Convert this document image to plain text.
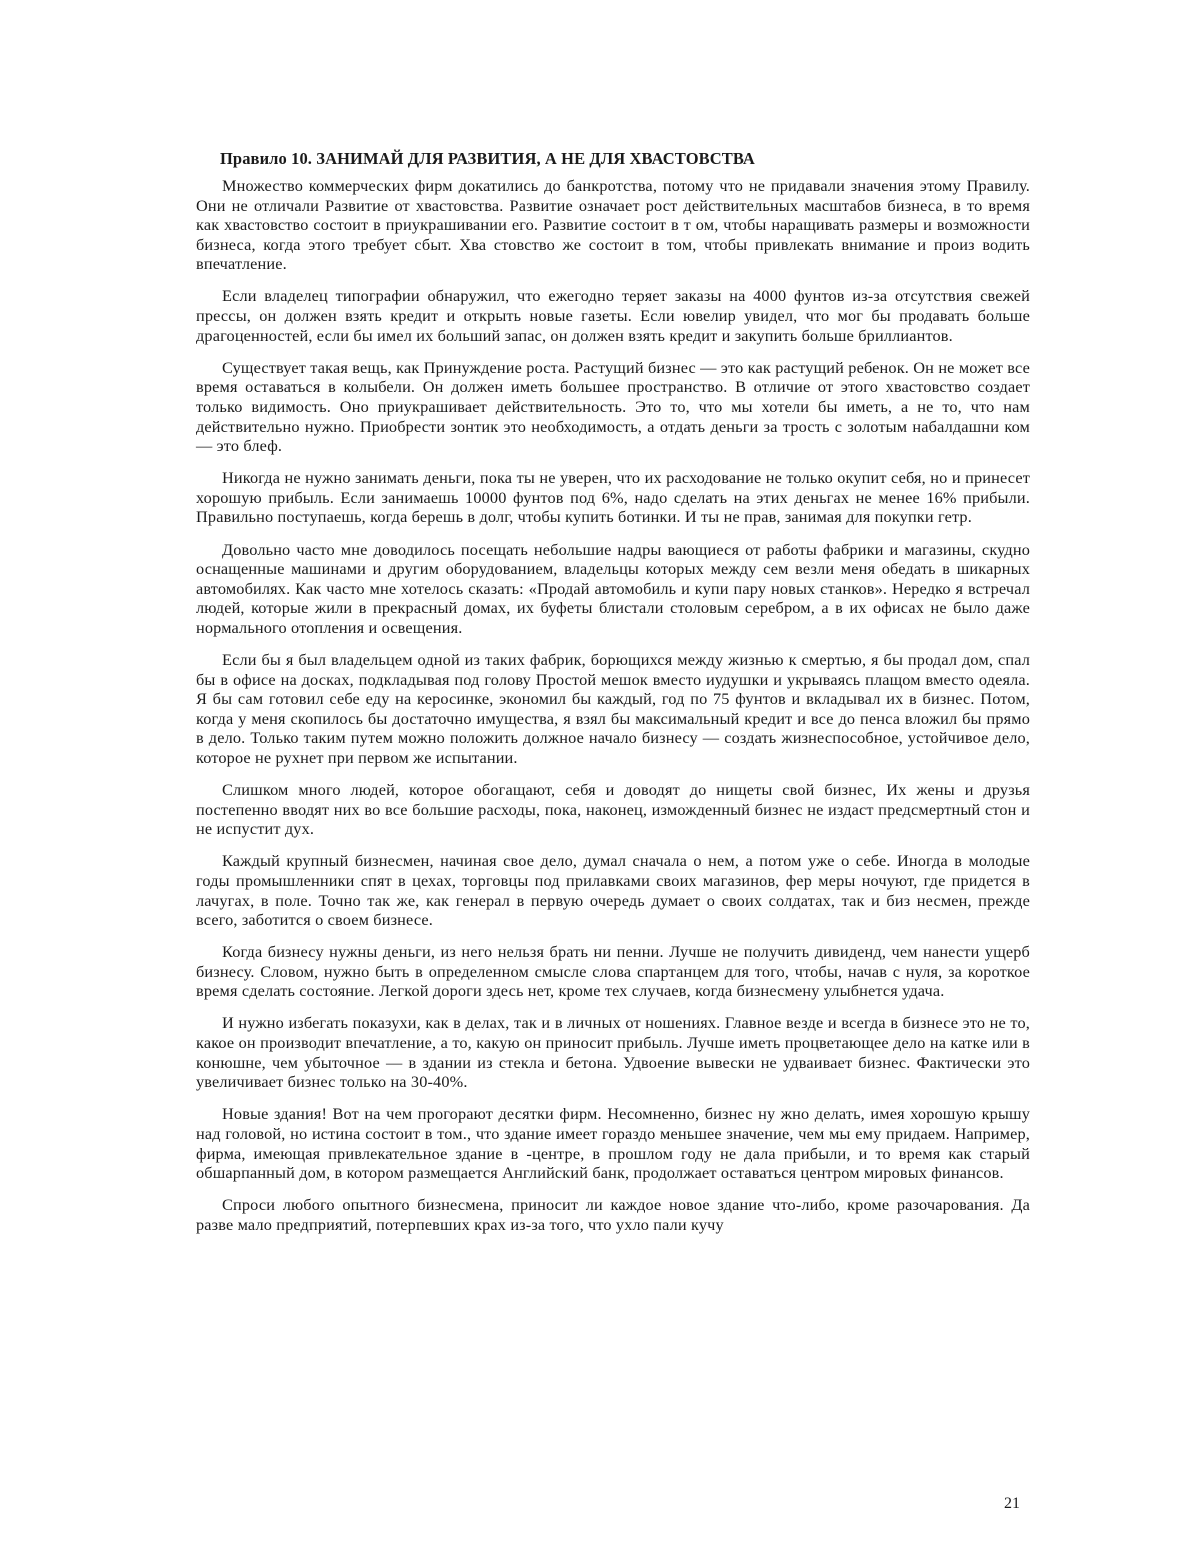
Правило 10. ЗАНИМАЙ ДЛЯ РАЗВИТИЯ, А НЕ ДЛЯ ХВАСТОВСТВА

Множество коммерческих фирм докатились до банкротства, потому что не придавали значения этому Правилу. Они не отличали Развитие от хвастовства. Развитие означает рост действительных масштабов бизнеса, в то время как хвастовство состоит в приукрашивании его. Развитие состоит в т ом, чтобы наращивать размеры и возможности бизнеса, когда этого требует сбыт. Хва стовство же состоит в том, чтобы привлекать внимание и произ водить впечатление.

Если владелец типографии обнаружил, что ежегодно теряет заказы на 4000 фунтов из-за отсутствия свежей прессы, он должен взять кредит и открыть новые газеты. Если ювелир увидел, что мог бы продавать больше драгоценностей, если бы имел их больший запас, он должен взять кредит и закупить больше бриллиантов.

Существует такая вещь, как Принуждение роста. Растущий бизнес — это как растущий ребенок. Он не может все время оставаться в колыбели. Он должен иметь большее пространство. В отличие от этого хвастовство создает только видимость. Оно приукрашивает действительность. Это то, что мы хотели бы иметь, а не то, что нам действительно нужно. Приобрести зонтик это необходимость, а отдать деньги за трость с золотым набалдашни ком — это блеф.

Никогда не нужно занимать деньги, пока ты не уверен, что их расходование не только окупит себя, но и принесет хорошую прибыль. Если занимаешь 10000 фунтов под 6%, надо сделать на этих деньгах не менее 16% прибыли. Правильно поступаешь, когда берешь в долг, чтобы купить ботинки. И ты не прав, занимая для покупки гетр.

Довольно часто мне доводилось посещать небольшие надры вающиеся от работы фабрики и магазины, скудно оснащенные машинами и другим оборудованием, владельцы которых между сем везли меня обедать в шикарных автомобилях. Как часто мне хотелось сказать: «Продай автомобиль и купи пару новых станков». Нередко я встречал людей, которые жили в прекрасный домах, их буфеты блистали столовым серебром, а в их офисах не было даже нормального отопления и освещения.

Если бы я был владельцем одной из таких фабрик, борющихся между жизнью к смертью, я бы продал дом, спал бы в офисе на досках, подкладывая под голову Простой мешок вместо иудушки и укрываясь плащом вместо одеяла. Я бы сам готовил себе еду на керосинке, экономил бы каждый, год по 75 фунтов и вкладывал их в бизнес. Потом, когда у меня скопилось бы достаточно имущества, я взял бы максимальный кредит и все до пенса вложил бы прямо в дело. Только таким путем можно положить должное начало бизнесу — создать жизнеспособное, устойчивое дело, которое не рухнет при первом же испытании.

Слишком много людей, которое обогащают, себя и доводят до нищеты свой бизнес, Их жены и друзья постепенно вводят них во все большие расходы, пока, наконец, изможденный бизнес не издаст предсмертный стон и не испустит дух.

Каждый крупный бизнесмен, начиная свое дело, думал сначала о нем, а потом уже о себе. Иногда в молодые годы промышленники спят в цехах, торговцы под прилавками своих магазинов, фер меры ночуют, где придется в лачугах, в поле. Точно так же, как генерал в первую очередь думает о своих солдатах, так и биз несмен, прежде всего, заботится о своем бизнесе.

Когда бизнесу нужны деньги, из него нельзя брать ни пенни. Лучше не получить дивиденд, чем нанести ущерб бизнесу. Словом, нужно быть в определенном смысле слова спартанцем для того, чтобы, начав с нуля, за короткое время сделать состояние. Легкой дороги здесь нет, кроме тех случаев, когда бизнесмену улыбнется удача.

И нужно избегать показухи, как в делах, так и в личных от ношениях. Главное везде и всегда в бизнесе это не то, какое он производит впечатление, а то, какую он приносит прибыль. Лучше иметь процветающее дело на катке или в конюшне, чем убыточное — в здании из стекла и бетона. Удвоение вывески не удваивает бизнес. Фактически это увеличивает бизнес только на 30-40%.

Новые здания! Вот на чем прогорают десятки фирм. Несомненно, бизнес ну жно делать, имея хорошую крышу над головой, но истина состоит в том., что здание имеет гораздо меньшее значение, чем мы ему придаем. Например, фирма, имеющая привлекательное здание в -центре, в прошлом году не дала прибыли, и то время как старый обшарпанный дом, в котором размещается Английский банк, продолжает оставаться центром мировых финансов.

Спроси любого опытного бизнесмена, приносит ли каждое новое здание что-либо, кроме разочарования. Да разве мало предприятий, потерпевших крах из-за того, что ухло пали кучу

21
